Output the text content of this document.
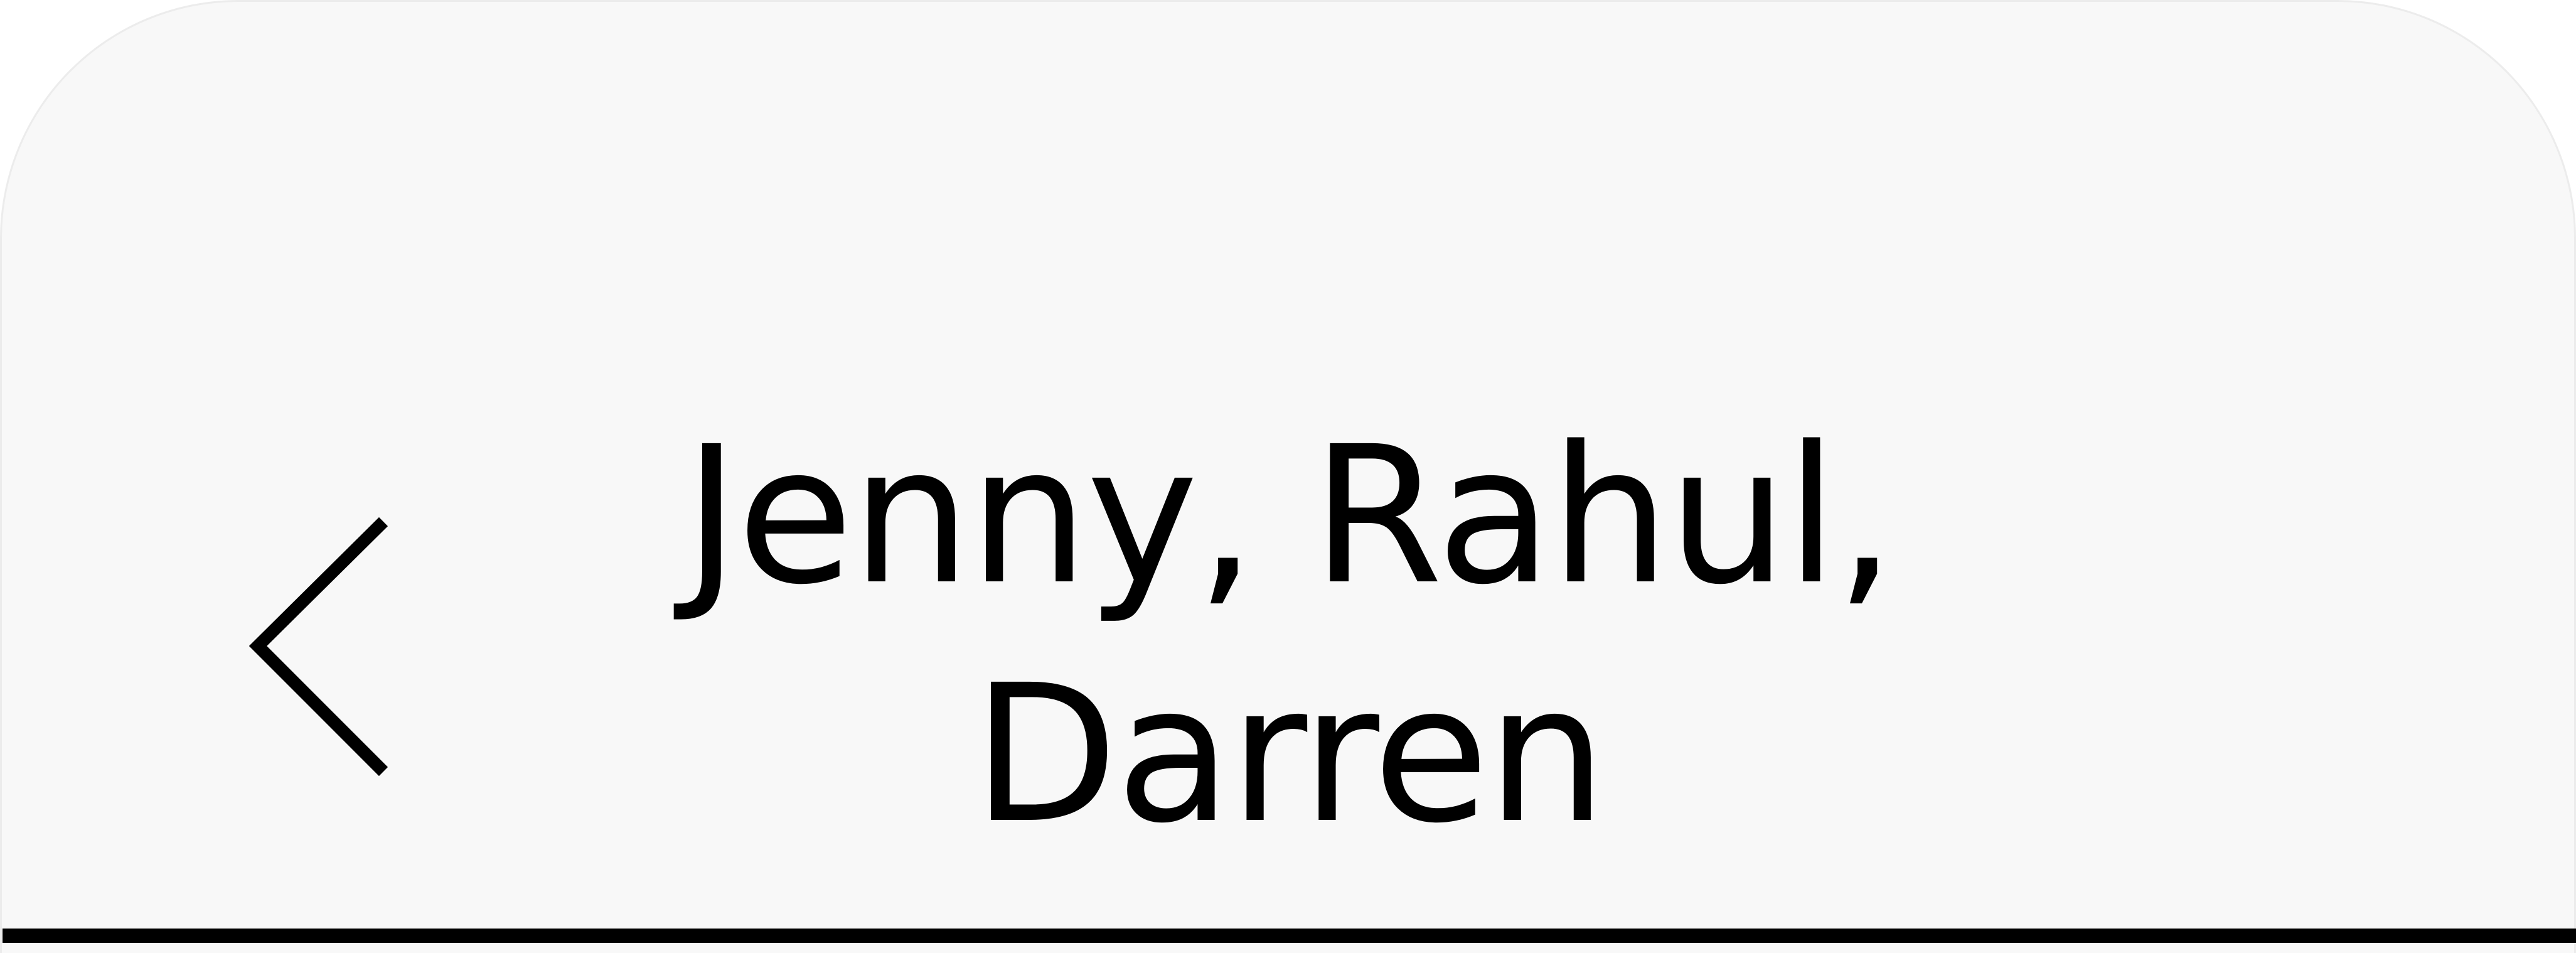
Jenny, Rahul, Darren
